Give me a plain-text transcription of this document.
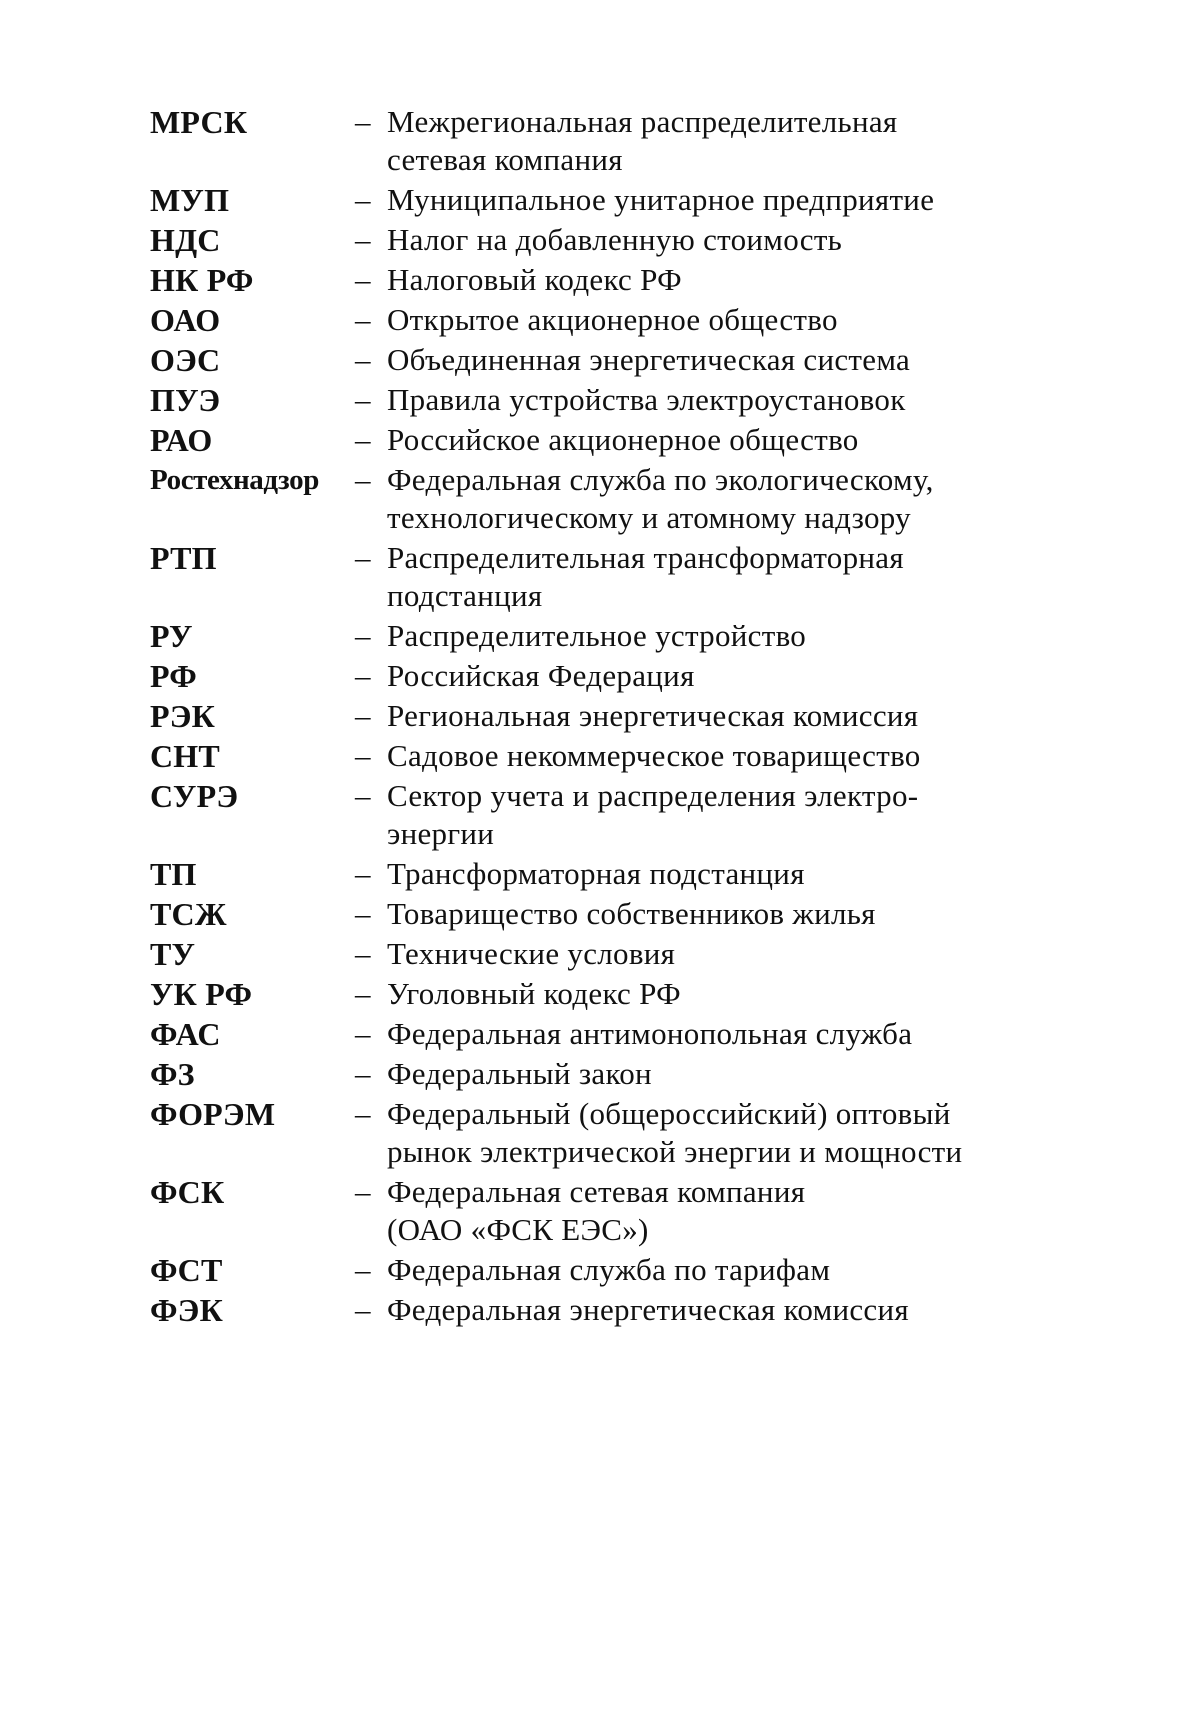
МРСК	– Межрегиональная распределительная
сетевая компания
МУП	– Муниципальное унитарное предприятие
НДС	– Налог на добавленную стоимость
НК РФ	– Налоговый кодекс РФ
ОАО	– Открытое акционерное общество
ОЭС	– Объединенная энергетическая система
ПУЭ	– Правила устройства электроустановок
РАО	– Российское акционерное общество
Ростехнадзор	– Федеральная служба по экологическому,
технологическому и атомному надзору
РТП	– Распределительная трансформаторная
подстанция
РУ	– Распределительное устройство
РФ	– Российская Федерация
РЭК	– Региональная энергетическая комиссия
СНТ	– Садовое некоммерческое товарищество
СУРЭ	– Сектор учета и распределения электро-
энергии
ТП	– Трансформаторная подстанция
ТСЖ	– Товарищество собственников жилья
ТУ	– Технические условия
УК РФ	– Уголовный кодекс РФ
ФАС	– Федеральная антимонопольная служба
ФЗ	– Федеральный закон
ФОРЭМ	– Федеральный (общероссийский) оптовый
рынок электрической энергии и мощности
ФСК	– Федеральная сетевая компания
(ОАО «ФСК ЕЭС»)
ФСТ	– Федеральная служба по тарифам
ФЭК	– Федеральная энергетическая комиссия
